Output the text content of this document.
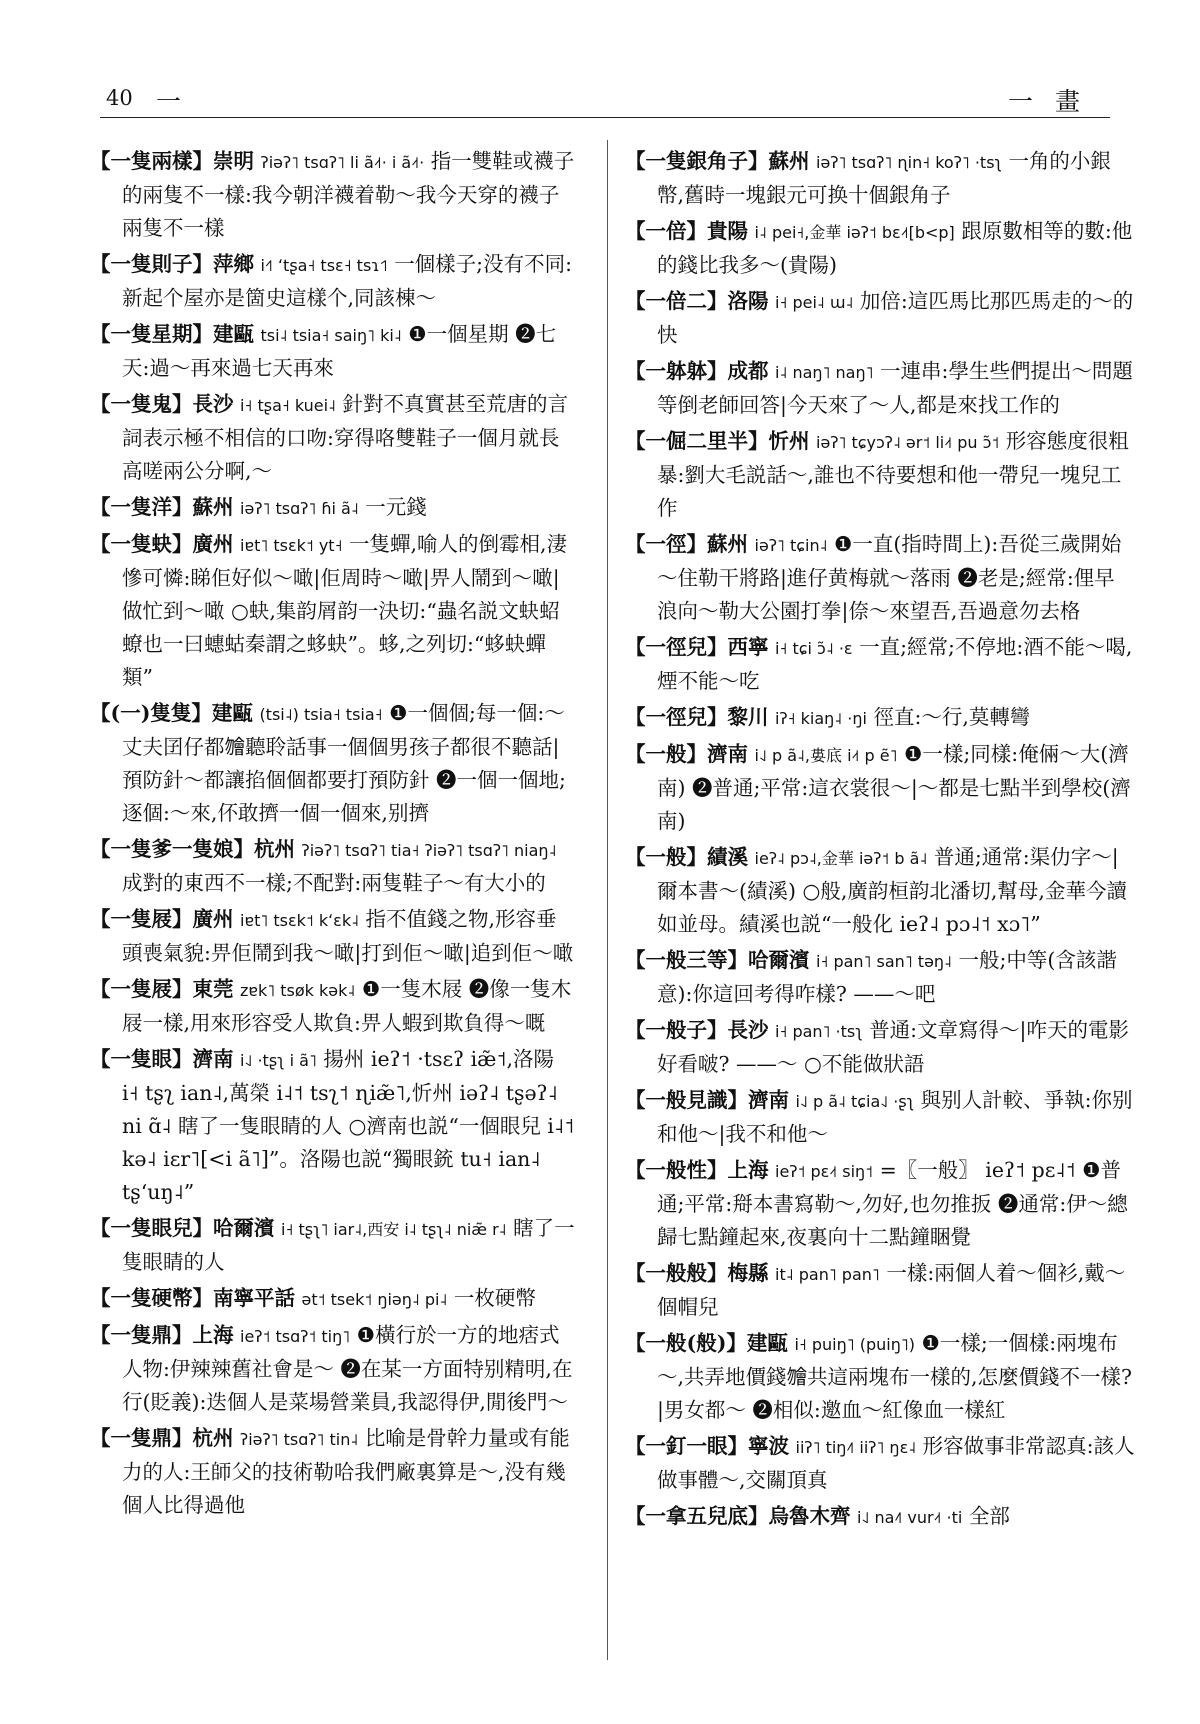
40 一	一畫

【一隻兩樣】崇明 ʔiəʔ˥ tsɑʔ˥ li ã˨˦· i ã˨˦· 指一雙鞋或襪子的兩隻不一樣:我今朝洋襪着勒～我今天穿的襪子兩隻不一樣

【一隻則子】萍鄉 i˧˥ ʻtʂa˧ tsɛ˧ tsɿ˦˥ 一個樣子;没有不同:新起个屋亦是箇史這樣个,同該棟～

【一隻星期】建甌 tsi˨ tsia˧ saiŋ˥ ki˨ ❶一個星期 ❷七天:過～再來過七天再來

【一隻鬼】長沙 i˧ tʂa˧ kuei˨ 針對不真實甚至荒唐的言詞表示極不相信的口吻:穿得咯雙鞋子一個月就長高嗟兩公分啊,～

【一隻洋】蘇州 iəʔ˥ tsɑʔ˥ ɦi ã˨ 一元錢

【一隻蚗】廣州 iɐt˥ tsɛk˦ yt˧ 一隻蟬,喻人的倒霉相,淒慘可憐:睇佢好似～噉|佢周時～噉|畀人鬧到～噉|做忙到～噉 ○蚗,集韵屑韵一決切:“蟲名説文蚗蛁蟟也一曰蟪蛄秦謂之蛥蚗”。蛥,之列切:“蛥蚗蟬類”

【(一)隻隻】建甌 (tsi˨) tsia˧ tsia˧ ❶一個個;每一個:～丈夫囝仔都𣍐聽聆話事一個個男孩子都很不聽話|預防針～都讓掐個個都要打預防針 ❷一個一個地;逐個:～來,伓敢擠一個一個來,别擠

【一隻爹一隻娘】杭州 ʔiəʔ˥ tsɑʔ˥ tia˧ ʔiəʔ˥ tsɑʔ˥ niaŋ˨ 成對的東西不一樣;不配對:兩隻鞋子～有大小的

【一隻屐】廣州 iɐt˥ tsɛk˦ kʻɛk˨ 指不值錢之物,形容垂頭喪氣貌:畀佢鬧到我～噉|打到佢～噉|追到佢～噉

【一隻屐】東莞 zɐk˥ tsøk kək˨ ❶一隻木屐 ❷像一隻木屐一樣,用來形容受人欺負:畀人蝦到欺負得～嘅

【一隻眼】濟南 i˨˩ ·tʂʅ i ã˥ 揚州 ieʔ˦ ·tsɛʔ iæ̃˦,洛陽 i˧ tʂʅ ian˨,萬榮 i˨˦ tsʅ˦ ɳiæ̃˥,忻州 iəʔ˨ tʂəʔ˨ ni ɑ̃˨ 瞎了一隻眼睛的人 ○濟南也説“一個眼兒 i˨˦ kə˨ iɛr˥[<i ã˥]”。洛陽也説“獨眼銃 tu˧ ian˨ tʂʻuŋ˨”

【一隻眼兒】哈爾濱 i˧ tʂʅ˥ iar˨,西安 i˨ tʂʅ˨ niæ̃ r˨ 瞎了一隻眼睛的人

【一隻硬幣】南寧平話 ət˦ tsek˦ ŋiəŋ˨ pi˨ 一枚硬幣

【一隻鼎】上海 ieʔ˦ tsɑʔ˦ tiŋ˥ ❶橫行於一方的地痞式人物:伊辣辣舊社會是～ ❷在某一方面特别精明,在行(貶義):迭個人是菜場營業員,我認得伊,閒後門～

【一隻鼎】杭州 ʔiəʔ˥ tsɑʔ˥ tin˨ 比喻是骨幹力量或有能力的人:王師父的技術勒哈我們廠裏算是～,没有幾個人比得過他

【一隻銀角子】蘇州 iəʔ˥ tsɑʔ˥ ɳin˧ koʔ˥ ·tsʅ 一角的小銀幣,舊時一塊銀元可换十個銀角子

【一倍】貴陽 i˨ pei˧,金華 iəʔ˦ bɛ˨˦[b<p] 跟原數相等的數:他的錢比我多～(貴陽)

【一倍二】洛陽 i˧ pei˨ ɯ˨ 加倍:這匹馬比那匹馬走的～的快

【一躰躰】成都 i˨ naŋ˥ naŋ˥ 一連串:學生些們提出～問題等倒老師回答|今天來了～人,都是來找工作的

【一倔二里半】忻州 iəʔ˥ tɕyɔʔ˨ ər˦ li˨˦ pu ɔ̃˦ 形容態度很粗暴:劉大毛説話～,誰也不待要想和他一帶兒一塊兒工作

【一徑】蘇州 iəʔ˥ tɕin˨ ❶一直(指時間上):吾從三歲開始～住勒干將路|進仔黄梅就～落雨 ❷老是;經常:俚早浪向～勒大公園打拳|倷～來望吾,吾過意勿去格

【一徑兒】西寧 i˧ tɕi ɔ̃˨ ·ɛ 一直;經常;不停地:酒不能～喝,煙不能～吃

【一徑兒】黎川 iʔ˧ kiaŋ˨ ·ŋi 徑直:～行,莫轉彎

【一般】濟南 i˨˩ p ã˨,婁底 i˨˦ p ẽ˥ ❶一樣;同樣:俺倆～大(濟南) ❷普通;平常:這衣裳很～|～都是七點半到學校(濟南)

【一般】績溪 ieʔ˨ pɔ˨,金華 iəʔ˦ b ã˨ 普通;通常:渠仂字～|爾本書～(績溪) ○般,廣韵桓韵北潘切,幫母,金華今讀如並母。績溪也説“一般化 ieʔ˨ pɔ˨˦ xɔ˥”

【一般三等】哈爾濱 i˧ pan˥ san˥ təŋ˨ 一般;中等(含該諧意):你這回考得咋樣? ——～吧

【一般子】長沙 i˧ pan˥ ·tsʅ 普通:文章寫得～|咋天的電影好看啵? ——～ ○不能做狀語

【一般見識】濟南 i˨˩ p ã˨ tɕia˨˩ ·ʂʅ 與别人計較、爭執:你别和他～|我不和他～

【一般性】上海 ieʔ˦ pɛ˨˦ siŋ˦ =〖一般〗 ieʔ˦ pɛ˨˦ ❶普通;平常:搿本書寫勒～,勿好,也勿推扳 ❷通常:伊～總歸七點鐘起來,夜裏向十二點鐘睏覺

【一般般】梅縣 it˨ pan˥ pan˥ 一樣:兩個人着～個衫,戴～個帽兒

【一般(般)】建甌 i˧ puiŋ˥ (puiŋ˥) ❶一樣;一個樣:兩塊布～,共弄地價錢𣍐共這兩塊布一樣的,怎麼價錢不一樣? |男女都～ ❷相似:邀血～紅像血一樣紅

【一釘一眼】寧波 iiʔ˥ tiŋ˨˥ iiʔ˥ ŋɛ˨ 形容做事非常認真:該人做事體～,交關頂真

【一拿五兒底】烏魯木齊 i˨˩ na˨˥ vur˨˦ ·ti 全部
